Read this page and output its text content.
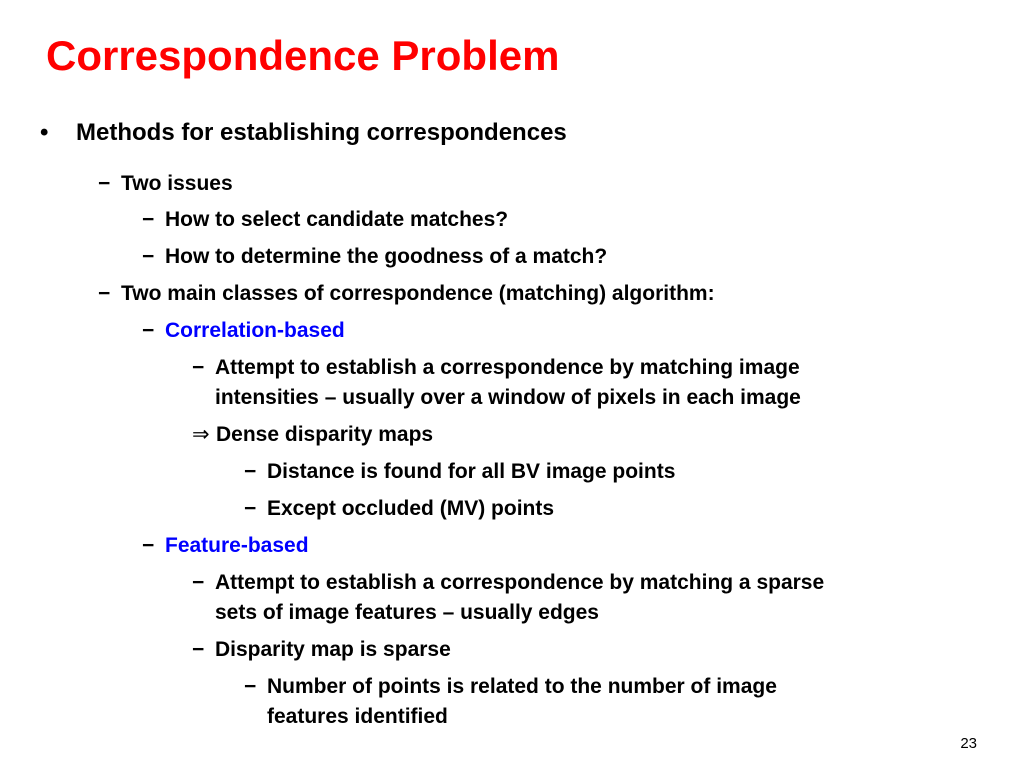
Correspondence Problem
•	Methods for establishing correspondences
− Two issues
− How to select candidate matches?
− How to determine the goodness of a match?
− Two main classes of correspondence (matching) algorithm:
− Correlation-based
− Attempt to establish a correspondence by matching image
intensities – usually over a window of pixels in each image
⇒ Dense disparity maps
− Distance is found for all BV image points
− Except occluded (MV) points
− Feature-based
− Attempt to establish a correspondence by matching a sparse
sets of image features – usually edges
− Disparity map is sparse
− Number of points is related to the number of image
features identified
23
